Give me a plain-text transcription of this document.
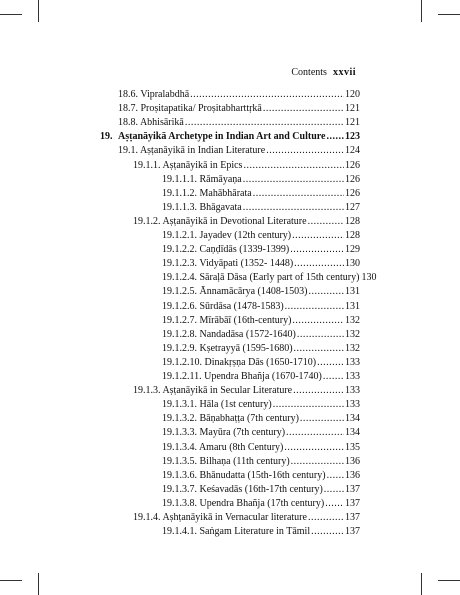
Contents xxvii
18.6. Vipralabdhā .....	120
18.7. Proṣitapatika/ Proṣitabharttṛkā .....	121
18.8. Abhisārikā .....	121
19. Aṣṭanāyikā Archetype in Indian Art and Culture ..... 123
19.1. Aṣṭanāyikā in Indian Literature .....	124
19.1.1. Aṣṭanāyikā in Epics .....	126
19.1.1.1. Rāmāyaṇa .....	126
19.1.1.2. Mahābhārata .....	126
19.1.1.3. Bhāgavata .....	127
19.1.2. Aṣṭanāyikā in Devotional Literature .....	128
19.1.2.1. Jayadev (12th century) .....	128
19.1.2.2. Caṇḍīdās (1339-1399) .....	129
19.1.2.3. Vidyāpati (1352- 1448) .....	130
19.1.2.4. Sāraḷā Dāsa (Early part of 15th century) 130
19.1.2.5. Ānnamācārya (1408-1503) .....	131
19.1.2.6. Sūrdāsa (1478-1583) .....	131
19.1.2.7. Mīrābāī (16th-century) .....	132
19.1.2.8. Nandadāsa (1572-1640) .....	132
19.1.2.9. Kṣetrayyā (1595-1680) .....	132
19.1.2.10. Dinakṛṣṇa Dās (1650-1710) .....	133
19.1.2.11. Upendra Bhañja (1670-1740) ..... 133
19.1.3. Aṣṭanāyikā in Secular Literature .....	133
19.1.3.1. Hāla (1st century) .....	133
19.1.3.2. Bāṇabhaṭṭa (7th century) .....	134
19.1.3.3. Mayūra (7th century) .....	134
19.1.3.4. Amaru (8th Century) .....	135
19.1.3.5. Bilhaṇa (11th century) .....	136
19.1.3.6. Bhānudatta (15th-16th century) ..... 136
19.1.3.7. Keśavadās (16th-17th century) ..... 137
19.1.3.8. Upendra Bhañja (17th century) ..... 137
19.1.4. Aṣhṭanāyikā in Vernacular literature .....	137
19.1.4.1. Saṅgam Literature in Tāmil .....	137
